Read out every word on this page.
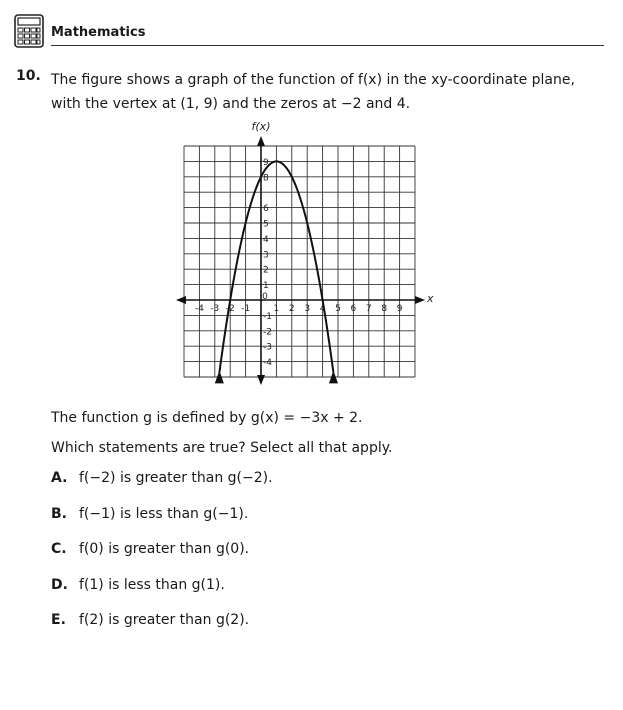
Mathematics
10. The figure shows a graph of the function of f(x) in the xy-coordinate plane,
with the vertex at (1, 9) and the zeros at −2 and 4.
f(x)
x
-4 -3 -2 -1
0
1 2 3 4 5 6 7 8 9
9
8
6
5
4
3
2
1
-1
-2
-3
-4
The function g is defined by g(x) = −3x + 2.
Which statements are true? Select all that apply.
A. f(−2) is greater than g(−2).
B. f(−1) is less than g(−1).
C. f(0) is greater than g(0).
D. f(1) is less than g(1).
E. f(2) is greater than g(2).
